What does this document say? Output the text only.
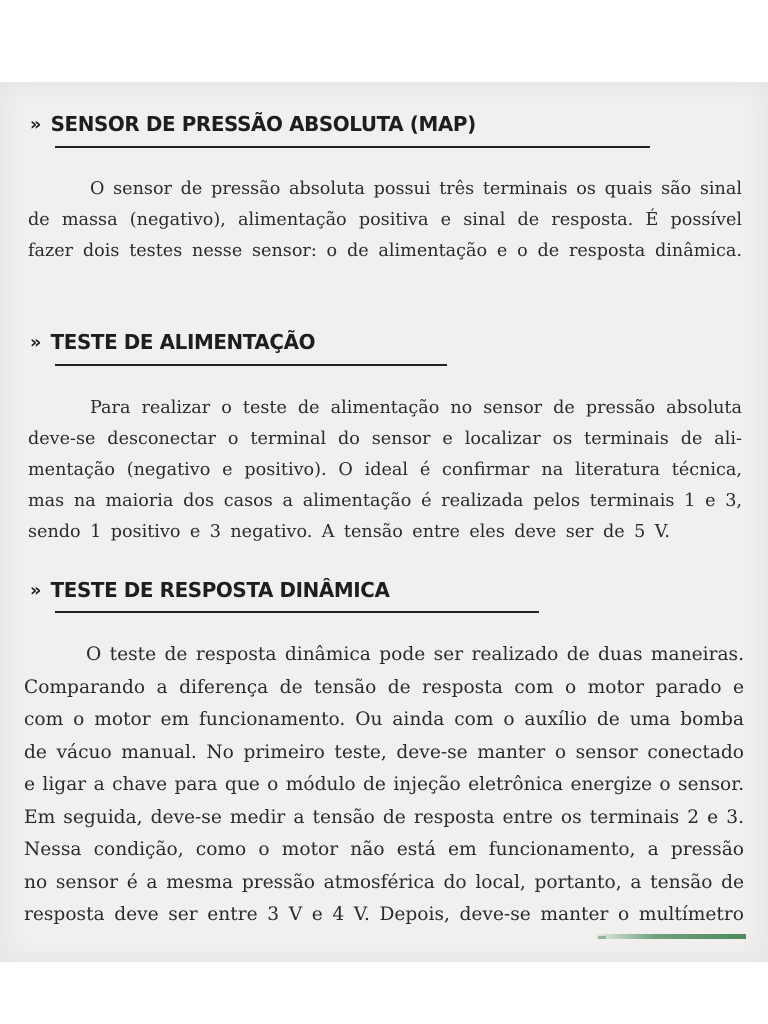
» SENSOR DE PRESSÃO ABSOLUTA (MAP)
O sensor de pressão absoluta possui três terminais os quais são sinal
de massa (negativo), alimentação positiva e sinal de resposta. É possível
fazer dois testes nesse sensor: o de alimentação e o de resposta dinâmica.
» TESTE DE ALIMENTAÇÃO
Para realizar o teste de alimentação no sensor de pressão absoluta
deve-se desconectar o terminal do sensor e localizar os terminais de ali-
mentação (negativo e positivo). O ideal é confirmar na literatura técnica,
mas na maioria dos casos a alimentação é realizada pelos terminais 1 e 3,
sendo 1 positivo e 3 negativo. A tensão entre eles deve ser de 5 V.
» TESTE DE RESPOSTA DINÂMICA
O teste de resposta dinâmica pode ser realizado de duas maneiras.
Comparando a diferença de tensão de resposta com o motor parado e
com o motor em funcionamento. Ou ainda com o auxílio de uma bomba
de vácuo manual. No primeiro teste, deve-se manter o sensor conectado
e ligar a chave para que o módulo de injeção eletrônica energize o sensor.
Em seguida, deve-se medir a tensão de resposta entre os terminais 2 e 3.
Nessa condição, como o motor não está em funcionamento, a pressão
no sensor é a mesma pressão atmosférica do local, portanto, a tensão de
resposta deve ser entre 3 V e 4 V. Depois, deve-se manter o multímetro
